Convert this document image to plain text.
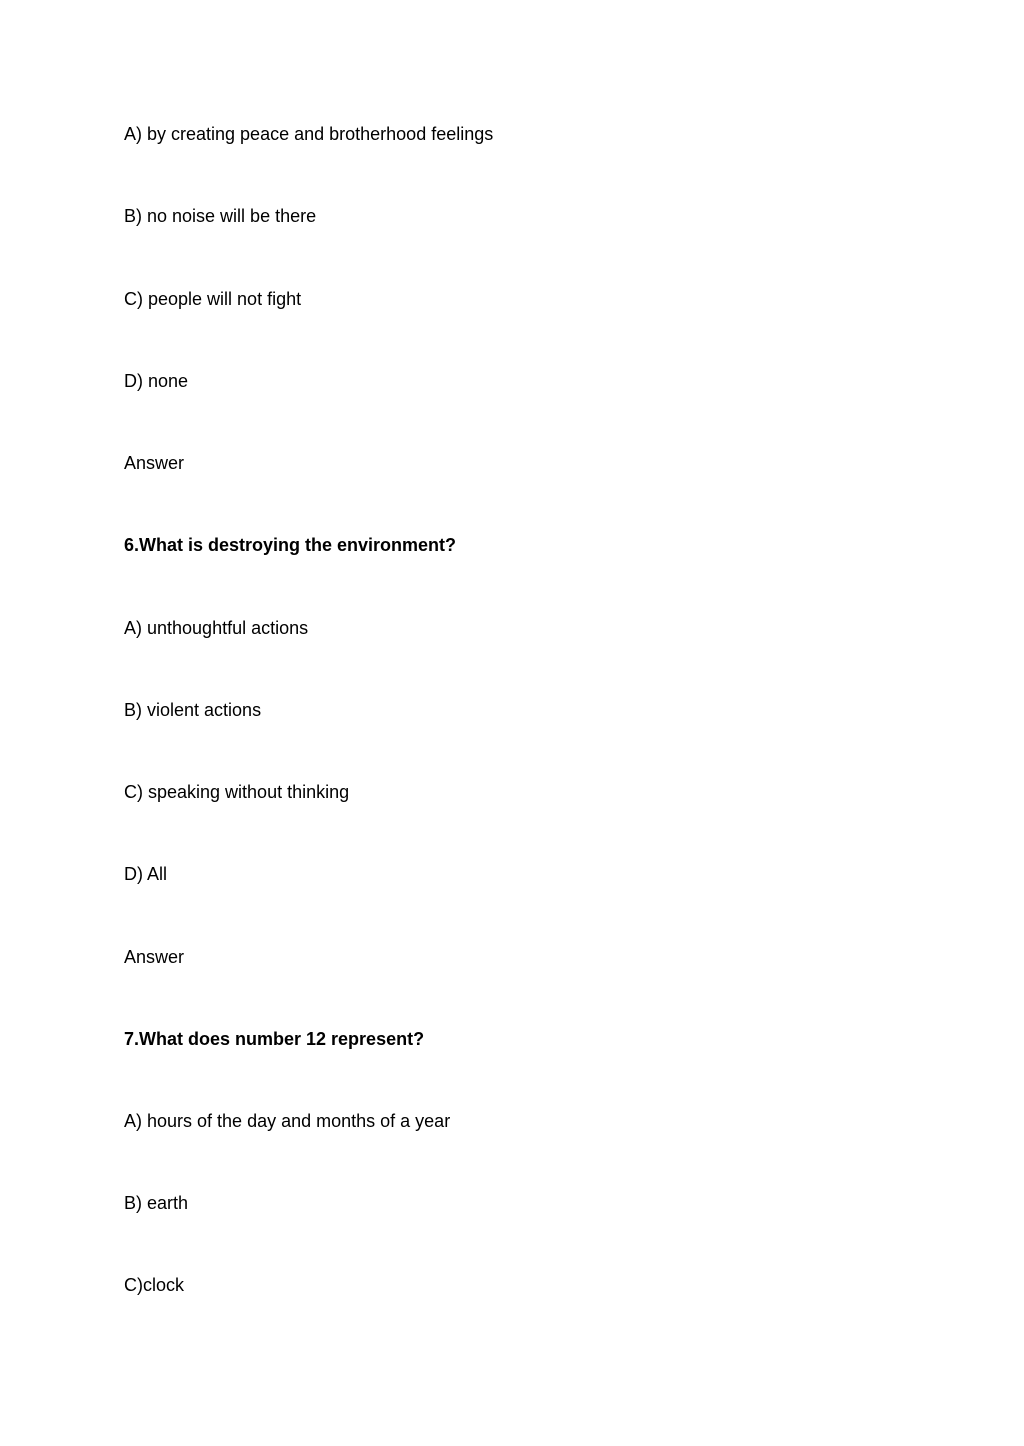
A) by creating peace and brotherhood feelings
B) no noise will be there
C) people will not fight
D) none
Answer
6.What is destroying the environment?
A) unthoughtful actions
B) violent actions
C) speaking without thinking
D) All
Answer
7.What does number 12 represent?
A) hours of the day and months of a year
B) earth
C)clock
